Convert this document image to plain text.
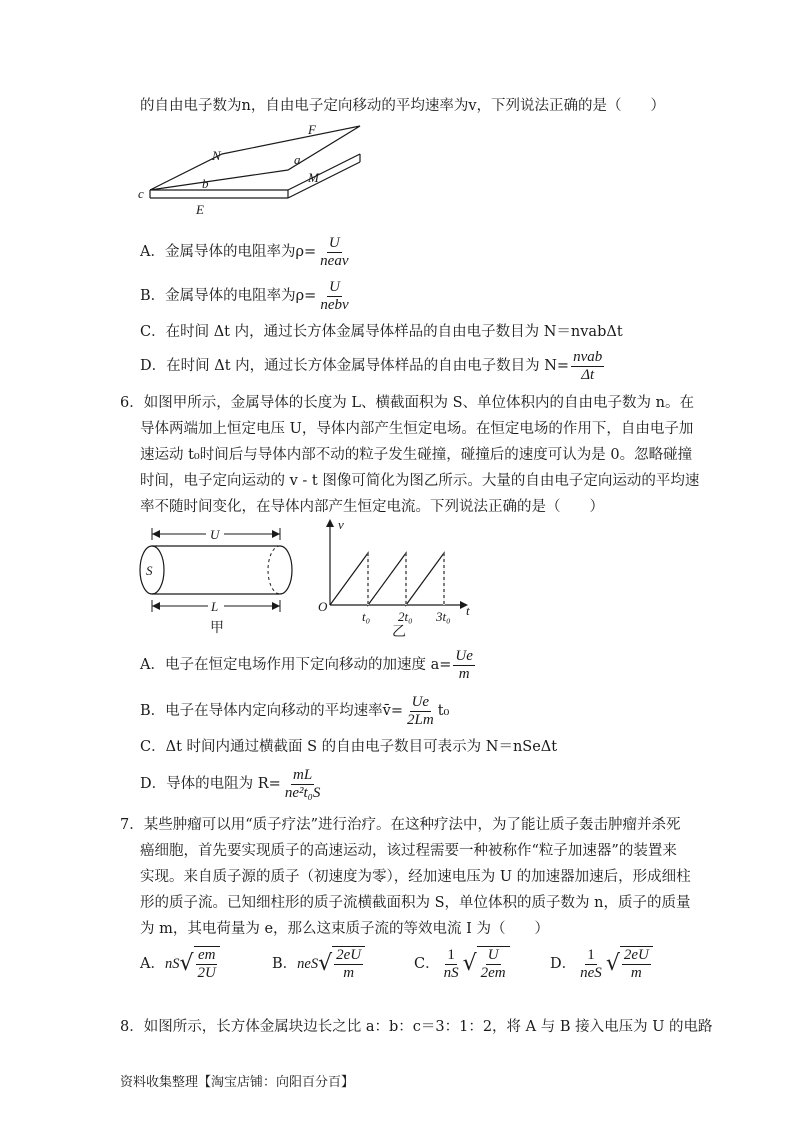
的自由电子数为n，自由电子定向移动的平均速率为v，下列说法正确的是（　　）
F
N	a
M
c
b
E
A．金属导体的电阻率为$\rho= \frac{U}{\text{neav}}$
B．金属导体的电阻率为$\rho= \frac{U}{\text{nebv}}$
C．在时间 Δt 内，通过长方体金属导体样品的自由电子数目为 N＝nvabΔt
D．在时间 Δt 内，通过长方体金属导体样品的自由电子数目为 $N= \frac{\text{nvab}}{\Delta t}$
6．如图甲所示，金属导体的长度为 L、横截面积为 S、单位体积内的自由电子数为 n。在
导体两端加上恒定电压 U，导体内部产生恒定电场。在恒定电场的作用下，自由电子加
速运动 t₀时间后与导体内部不动的粒子发生碰撞，碰撞后的速度可认为是 0。忽略碰撞
时间，电子定向运动的 v - t 图像可简化为图乙所示。大量的自由电子定向运动的平均速
率不随时间变化，在导体内部产生恒定电流。下列说法正确的是（　　）
U
S
L
甲
v
O	t
t₀ 2t₀ 3t₀
乙
A．电子在恒定电场作用下定向移动的加速度 $a= \frac{Ue}{m}$
B．电子在导体内定向移动的平均速率v̄= $\frac{Ue}{2Lm} t_0$
C．Δt 时间内通过横截面 S 的自由电子数目可表示为 N＝nSeΔt
D．导体的电阻为 $R= \frac{mL}{\text{ne²t₀S}}$
7．某些肿瘤可以用“质子疗法”进行治疗。在这种疗法中，为了能让质子轰击肿瘤并杀死
癌细胞，首先要实现质子的高速运动，该过程需要一种被称作“粒子加速器”的装置来
实现。来自质子源的质子（初速度为零），经加速电压为 U 的加速器加速后，形成细柱
形的质子流。已知细柱形的质子流横截面积为 S，单位体积的质子数为 n，质子的质量
为 m，其电荷量为 e，那么这束质子流的等效电流 I 为（　　）
A． nS √ $\frac{em}{2U}$	B． neS √ $\frac{2eU}{m}$	C． $\frac{1}{nS}$ √ $\frac{U}{2em}$	D． $\frac{1}{\text{neS}}$ √ $\frac{2eU}{m}$
8．如图所示，长方体金属块边长之比 a：b：c＝3：1：2，将 A 与 B 接入电压为 U 的电路
资料收集整理【淘宝店铺：向阳百分百】
